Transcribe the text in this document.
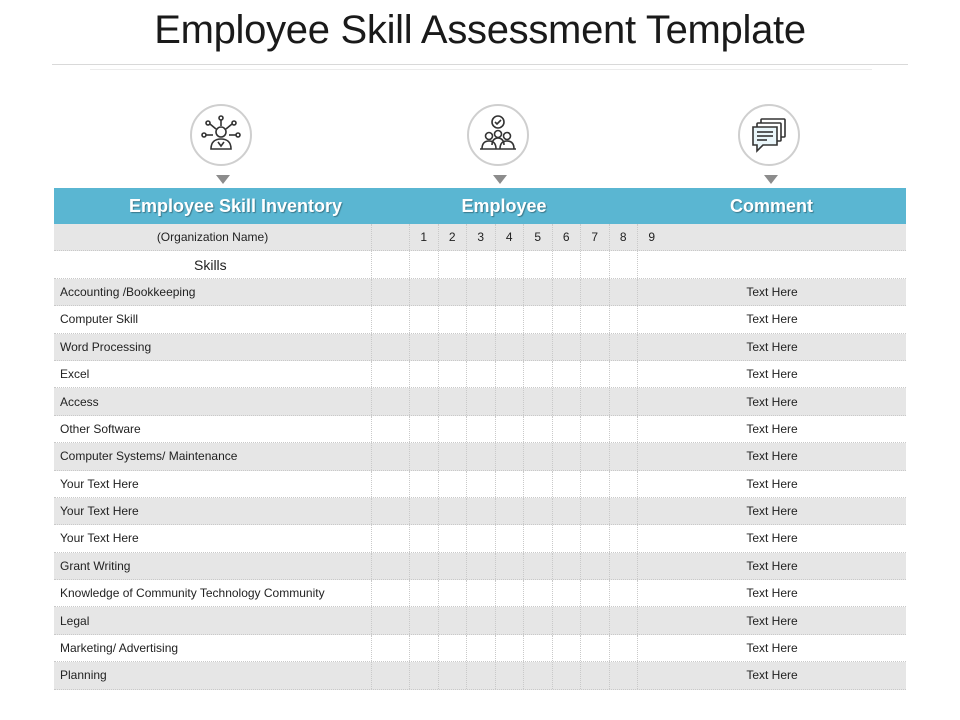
Employee Skill Assessment Template
Employee Skill Inventory	Employee	Comment
(Organization Name)	1	2	3	4	5	6	7	8	9
Skills
Accounting /Bookkeeping	Text Here
Computer Skill	Text Here
Word Processing	Text Here
Excel	Text Here
Access	Text Here
Other Software	Text Here
Computer Systems/ Maintenance	Text Here
Your Text Here	Text Here
Your Text Here	Text Here
Your Text Here	Text Here
Grant Writing	Text Here
Knowledge of Community Technology Community	Text Here
Legal	Text Here
Marketing/ Advertising	Text Here
Planning	Text Here
